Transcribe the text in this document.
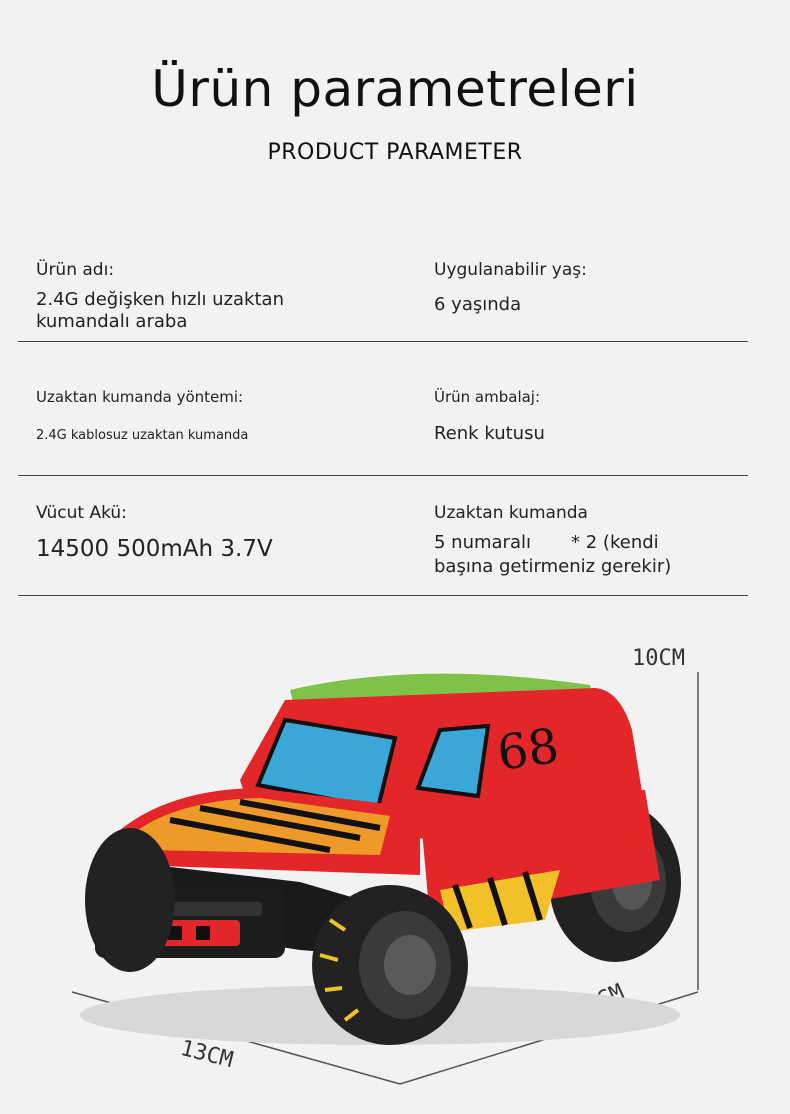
Ürün parametreleri
PRODUCT PARAMETER
Ürün adı:
2.4G değişken hızlı uzaktan
kumandalı araba
Uygulanabilir yaş:
6 yaşında
Uzaktan kumanda yöntemi:
2.4G kablosuz uzaktan kumanda
Ürün ambalaj:
Renk kutusu
Vücut Akü:
14500 500mAh 3.7V
Uzaktan kumanda
5 numaralı       * 2 (kendi
başına getirmeniz gerekir)
10CM
13CM
68
